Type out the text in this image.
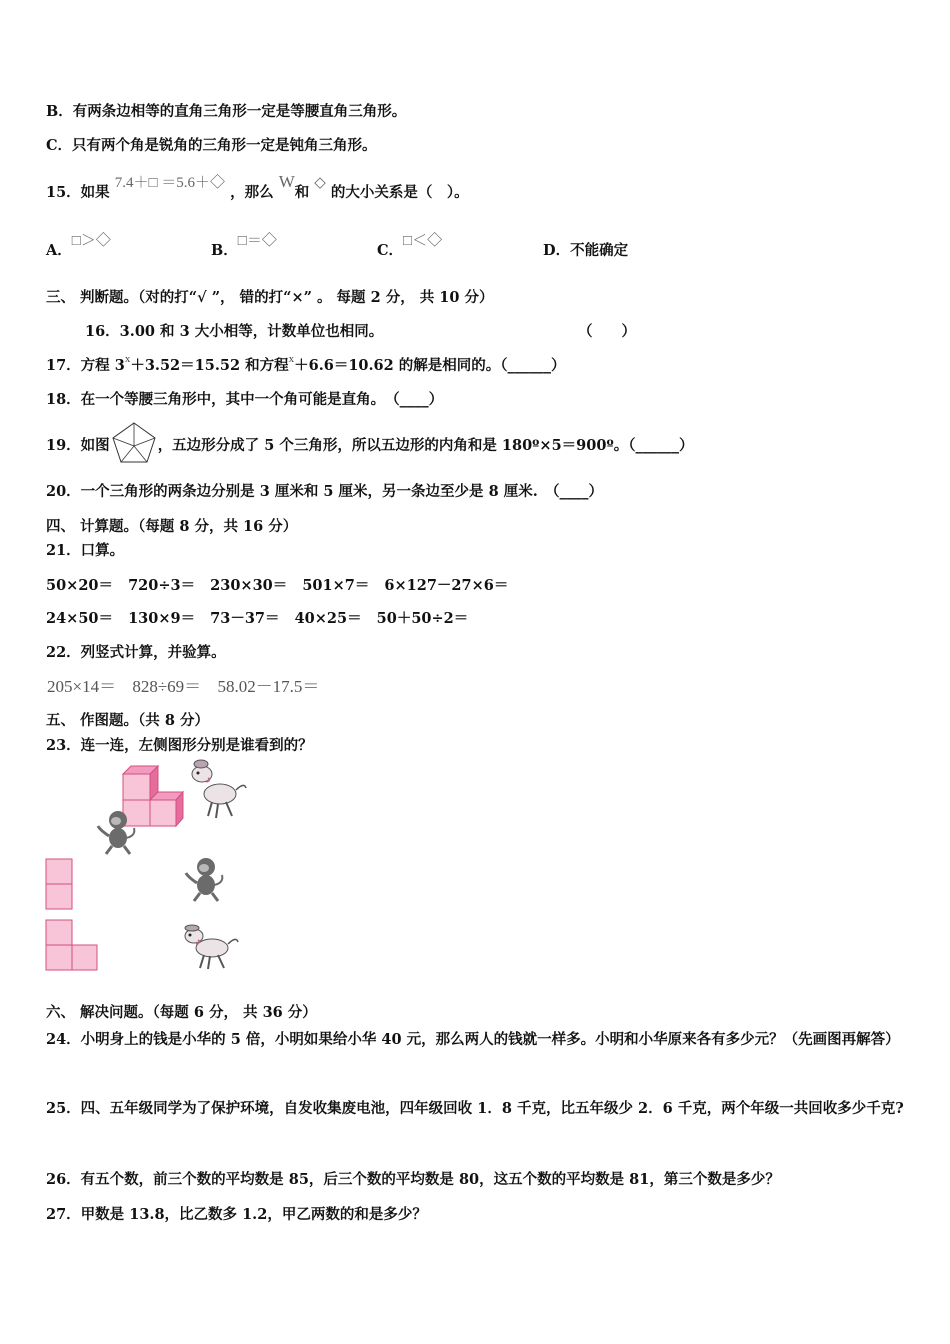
B．有两条边相等的直角三角形一定是等腰直角三角形。
C．只有两个角是锐角的三角形一定是钝角三角形。
15．如果 7.4＋□ ＝5.6＋◇ ，那么 W和 ◇ 的大小关系是（　）。
A．□＞◇
B．□＝◇
C．□＜◇
D．不能确定
三、 判断题。（对的打“√ ”， 错的打“×” 。 每题 2 分， 共 10 分）
16．3.00 和 3 大小相等，计数单位也相同。	（　　）
17．方程 3x＋3.52＝15.52 和方程x＋6.6＝10.62 的解是相同的。（______）
18．在一个等腰三角形中，其中一个角可能是直角。　（____）
19．如图	，五边形分成了 5 个三角形，所以五边形的内角和是 180º×5＝900º。（______）
20．一个三角形的两条边分别是 3 厘米和 5 厘米，另一条边至少是 8 厘米.　（____）
四、 计算题。（每题 8 分，共 16 分）
21．口算。
50×20＝ 720÷3＝ 230×30＝ 501×7＝ 6×127－27×6＝
24×50＝ 130×9＝ 73－37＝ 40×25＝ 50＋50÷2＝
22．列竖式计算，并验算。
205×14＝ 828÷69＝ 58.02－17.5＝
五、 作图题。（共 8 分）
23．连一连，左侧图形分别是谁看到的？
六、 解决问题。（每题 6 分， 共 36 分）
24．小明身上的钱是小华的 5 倍，小明如果给小华 40 元，那么两人的钱就一样多。小明和小华原来各有多少元？（先画图再解答）
25．四、五年级同学为了保护环境，自发收集废电池，四年级回收 1．8 千克，比五年级少 2．6 千克，两个年级一共回收多少千克?
26．有五个数，前三个数的平均数是 85，后三个数的平均数是 80，这五个数的平均数是 81，第三个数是多少？
27．甲数是 13.8，比乙数多 1.2，甲乙两数的和是多少？
